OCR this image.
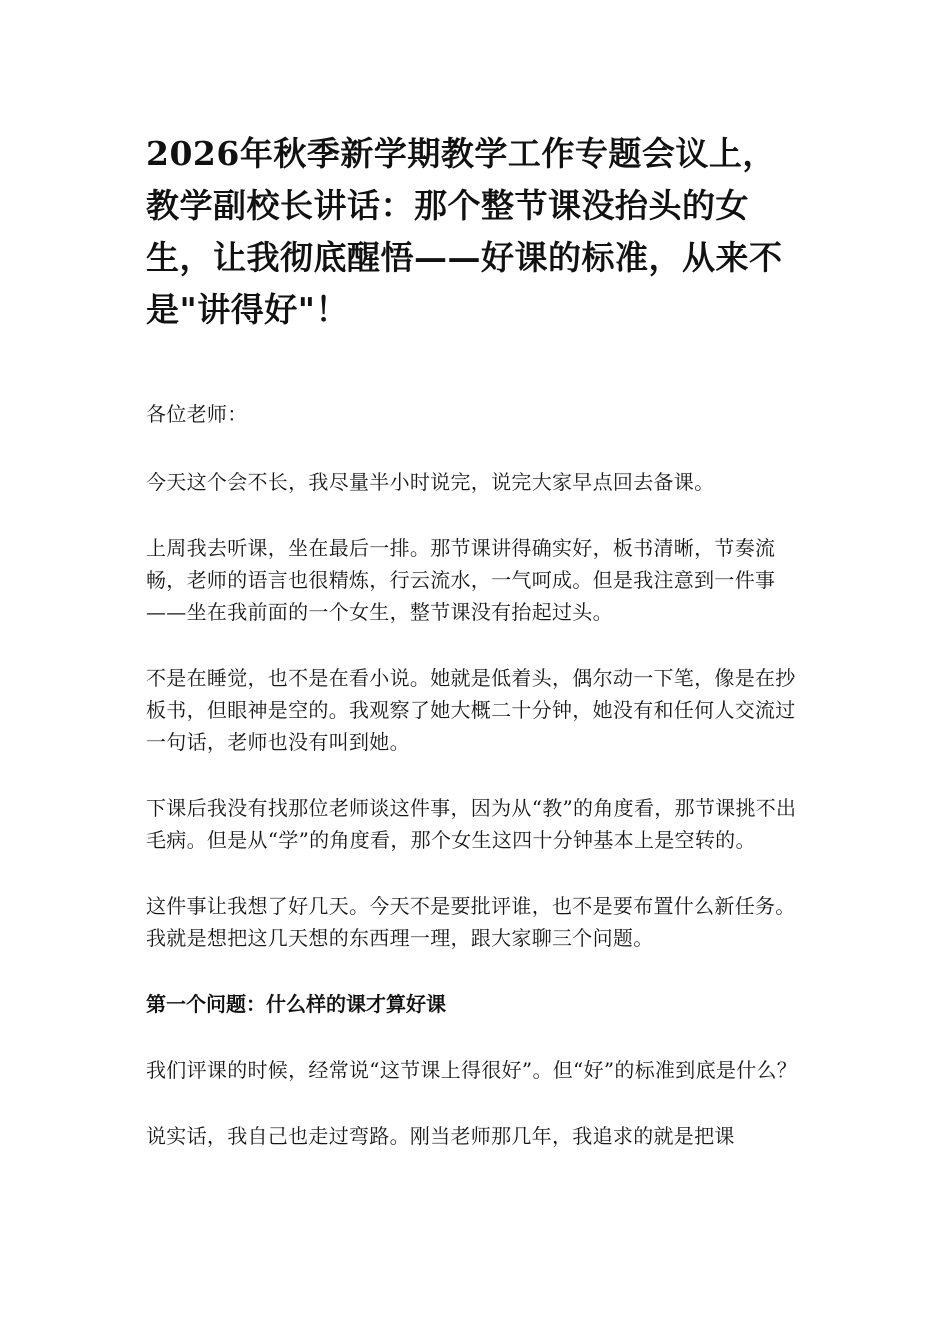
2026年秋季新学期教学工作专题会议上，教学副校长讲话：那个整节课没抬头的女生，让我彻底醒悟——好课的标准，从来不是"讲得好"！

各位老师：

今天这个会不长，我尽量半小时说完，说完大家早点回去备课。

上周我去听课，坐在最后一排。那节课讲得确实好，板书清晰，节奏流畅，老师的语言也很精炼，行云流水，一气呵成。但是我注意到一件事——坐在我前面的一个女生，整节课没有抬起过头。

不是在睡觉，也不是在看小说。她就是低着头，偶尔动一下笔，像是在抄板书，但眼神是空的。我观察了她大概二十分钟，她没有和任何人交流过一句话，老师也没有叫到她。

下课后我没有找那位老师谈这件事，因为从“教”的角度看，那节课挑不出毛病。但是从“学”的角度看，那个女生这四十分钟基本上是空转的。

这件事让我想了好几天。今天不是要批评谁，也不是要布置什么新任务。我就是想把这几天想的东西理一理，跟大家聊三个问题。

第一个问题：什么样的课才算好课

我们评课的时候，经常说“这节课上得很好”。但“好”的标准到底是什么？

说实话，我自己也走过弯路。刚当老师那几年，我追求的就是把课
